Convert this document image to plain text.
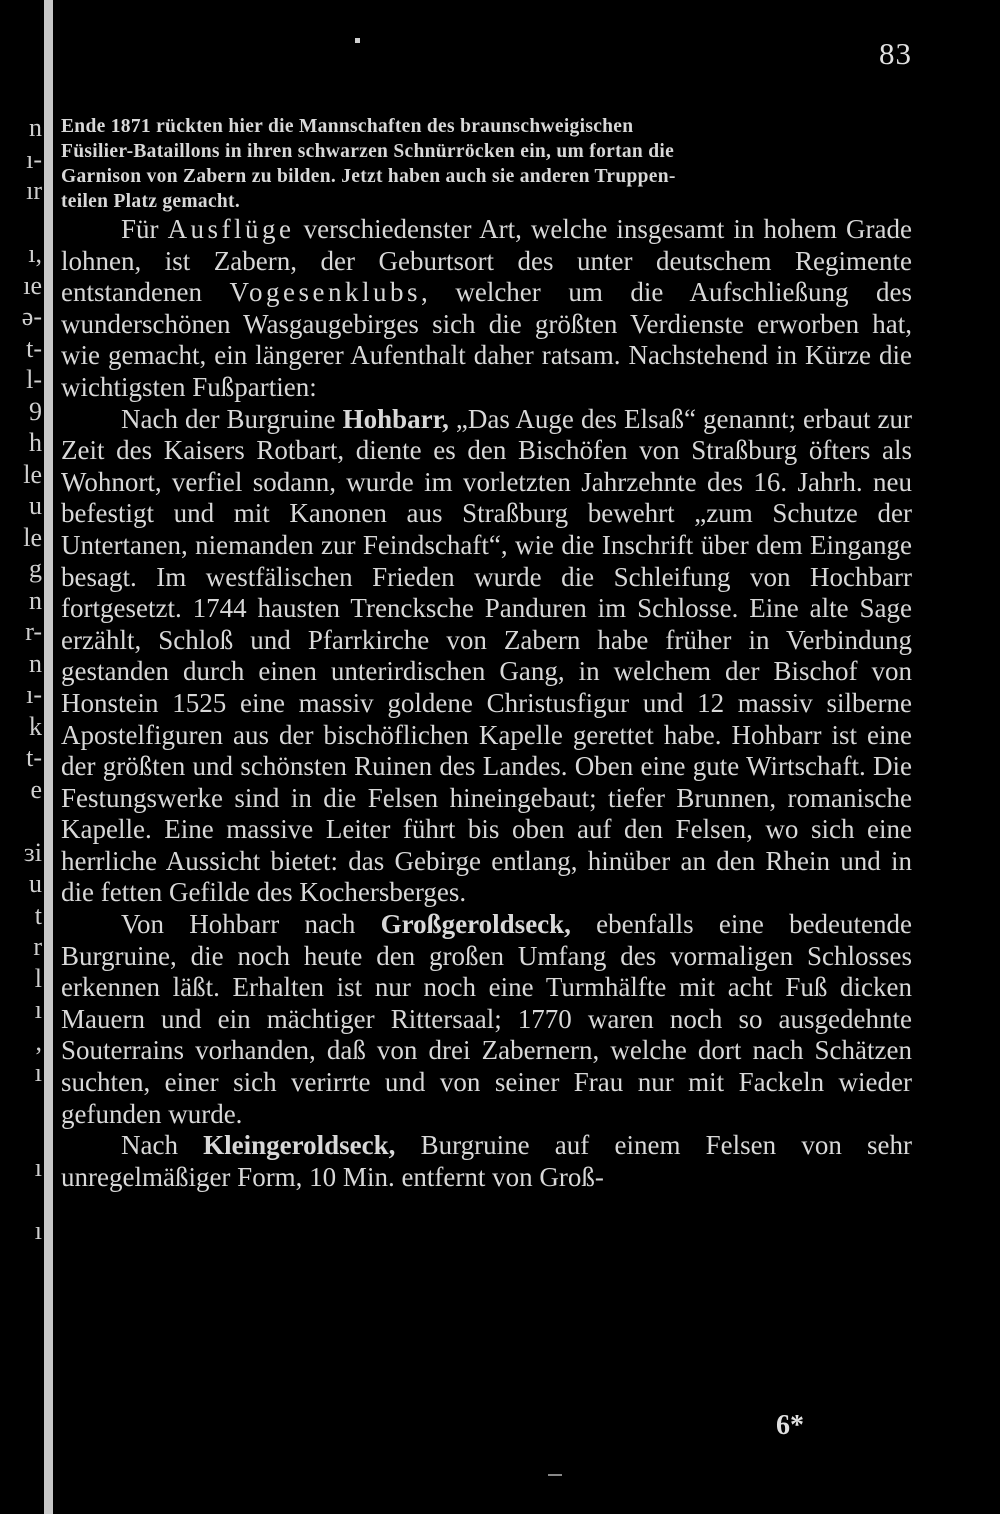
n
ı-
ır
ı,
ıe
ə-
t-
l-
9
h
le
u
le
g
n
r-
n
ı-
k
t-
e
ɜi
u
t
r
l
ı
,
ı
ı
ı
83
Ende 1871 rückten hier die Mannschaften des braunschweigischen
Füsilier-Bataillons in ihren schwarzen Schnürröcken ein, um fortan die
Garnison von Zabern zu bilden. Jetzt haben auch sie anderen Truppen-
teilen Platz gemacht.

Für Ausflüge verschiedenster Art, welche insgesamt in hohem Grade lohnen, ist Zabern, der Geburtsort des unter deutschem Regimente entstandenen Vogesenklubs, welcher um die Aufschließung des wunderschönen Wasgaugebirges sich die größten Verdienste erworben hat, wie gemacht, ein längerer Aufenthalt daher ratsam. Nachstehend in Kürze die wichtigsten Fußpartien:

Nach der Burgruine Hohbarr, „Das Auge des Elsaß“ genannt; erbaut zur Zeit des Kaisers Rotbart, diente es den Bischöfen von Straßburg öfters als Wohnort, verfiel sodann, wurde im vorletzten Jahrzehnte des 16. Jahrh. neu befestigt und mit Kanonen aus Straßburg bewehrt „zum Schutze der Untertanen, niemanden zur Feindschaft“, wie die Inschrift über dem Eingange besagt. Im westfälischen Frieden wurde die Schleifung von Hochbarr fortgesetzt. 1744 hausten Trencksche Panduren im Schlosse. Eine alte Sage erzählt, Schloß und Pfarrkirche von Zabern habe früher in Verbindung gestanden durch einen unterirdischen Gang, in welchem der Bischof von Honstein 1525 eine massiv goldene Christusfigur und 12 massiv silberne Apostelfiguren aus der bischöflichen Kapelle gerettet habe. Hohbarr ist eine der größten und schönsten Ruinen des Landes. Oben eine gute Wirtschaft. Die Festungswerke sind in die Felsen hineingebaut; tiefer Brunnen, romanische Kapelle. Eine massive Leiter führt bis oben auf den Felsen, wo sich eine herrliche Aussicht bietet: das Gebirge entlang, hinüber an den Rhein und in die fetten Gefilde des Kochersberges.

Von Hohbarr nach Großgeroldseck, ebenfalls eine bedeutende Burgruine, die noch heute den großen Umfang des vormaligen Schlosses erkennen läßt. Erhalten ist nur noch eine Turmhälfte mit acht Fuß dicken Mauern und ein mächtiger Rittersaal; 1770 waren noch so ausgedehnte Souterrains vorhanden, daß von drei Zabernern, welche dort nach Schätzen suchten, einer sich verirrte und von seiner Frau nur mit Fackeln wieder gefunden wurde.

Nach Kleingeroldseck, Burgruine auf einem Felsen von sehr unregelmäßiger Form, 10 Min. entfernt von Groß-

6*
